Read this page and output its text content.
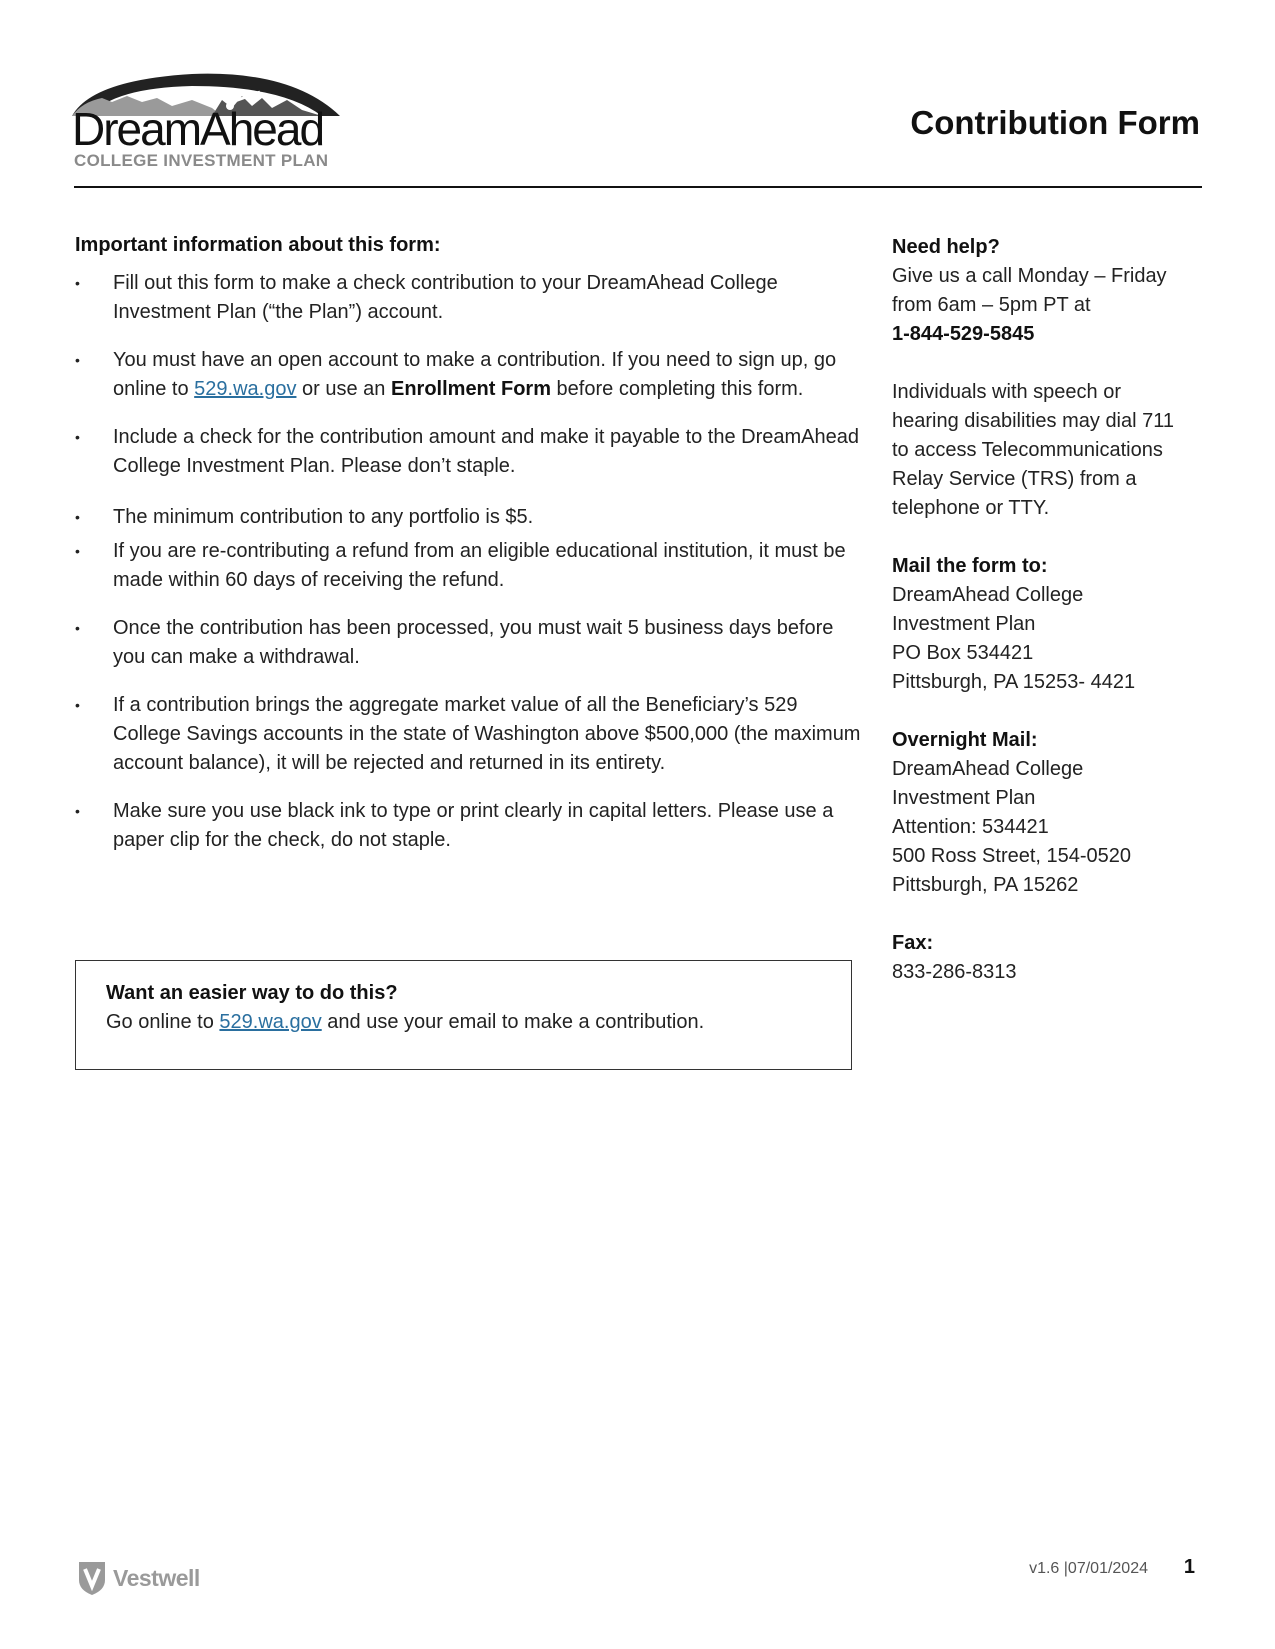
DreamAhead
COLLEGE INVESTMENT PLAN
Contribution Form
Important information about this form:
• Fill out this form to make a check contribution to your DreamAhead College Investment Plan (“the Plan”) account.
• You must have an open account to make a contribution. If you need to sign up, go online to 529.wa.gov or use an Enrollment Form before completing this form.
• Include a check for the contribution amount and make it payable to the DreamAhead College Investment Plan. Please don’t staple.
• The minimum contribution to any portfolio is $5.
• If you are re-contributing a refund from an eligible educational institution, it must be made within 60 days of receiving the refund.
• Once the contribution has been processed, you must wait 5 business days before you can make a withdrawal.
• If a contribution brings the aggregate market value of all the Beneficiary’s 529 College Savings accounts in the state of Washington above $500,000 (the maximum account balance), it will be rejected and returned in its entirety.
• Make sure you use black ink to type or print clearly in capital letters. Please use a paper clip for the check, do not staple.
Want an easier way to do this?
Go online to 529.wa.gov and use your email to make a contribution.
Need help?
Give us a call Monday – Friday
from 6am – 5pm PT at
1-844-529-5845
Individuals with speech or
hearing disabilities may dial 711
to access Telecommunications
Relay Service (TRS) from a
telephone or TTY.
Mail the form to:
DreamAhead College
Investment Plan
PO Box 534421
Pittsburgh, PA 15253- 4421
Overnight Mail:
DreamAhead College
Investment Plan
Attention: 534421
500 Ross Street, 154-0520
Pittsburgh, PA 15262
Fax:
833-286-8313
Vestwell	v1.6 |07/01/2024 1
